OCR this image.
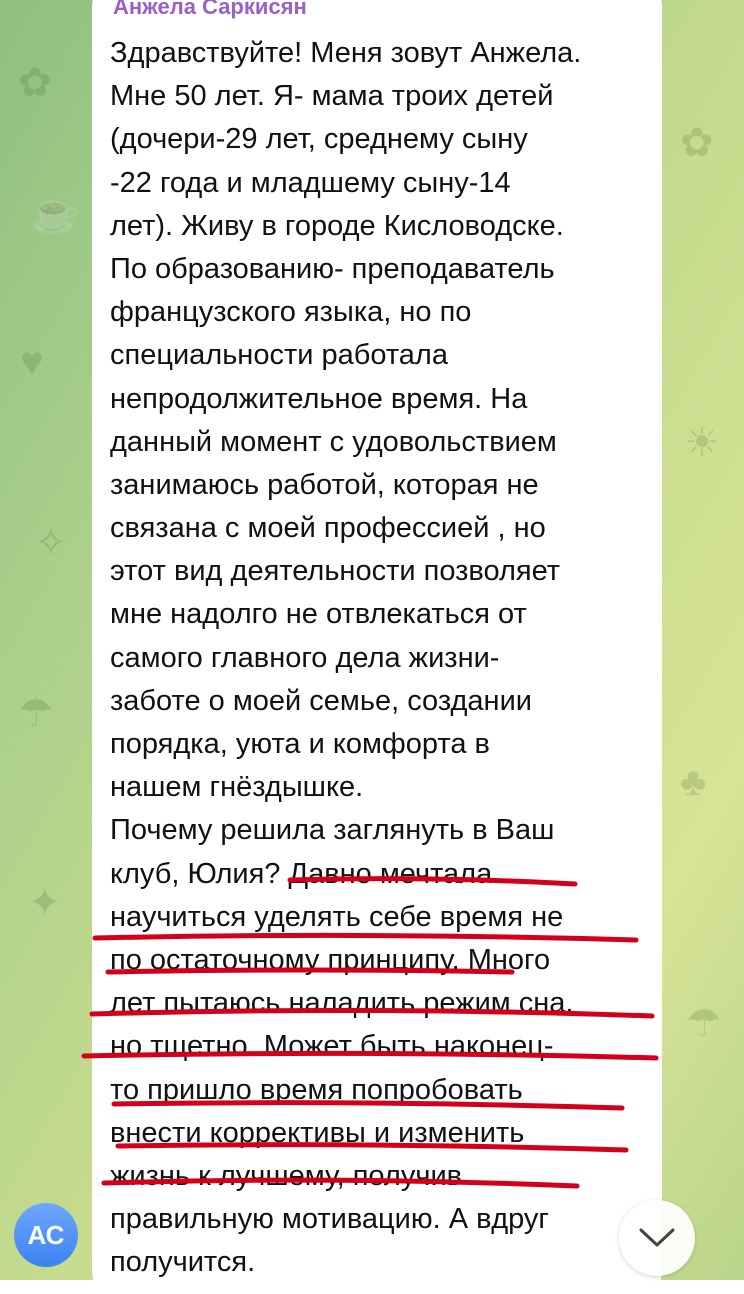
✿
☕
♥
✧
☂
✦
✿
☀
♣
☂
Анжела Саркисян
Здравствуйте! Меня зовут Анжела.
Мне 50 лет. Я- мама троих детей
(дочери-29 лет, среднему сыну
-22 года и младшему сыну-14
лет). Живу в городе Кисловодске.
По образованию- преподаватель
французского языка, но по
специальности работала
непродолжительное время. На
данный момент с удовольствием
занимаюсь работой, которая не
связана с моей профессией , но
этот вид деятельности позволяет
мне надолго не отвлекаться от
самого главного дела жизни-
заботе о моей семье, создании
порядка, уюта и комфорта в
нашем гнёздышке.
Почему решила заглянуть в Ваш
клуб, Юлия? Давно мечтала
научиться уделять себе время не
по остаточному принципу. Много
лет пытаюсь наладить режим сна,
но тщетно. Может быть наконец-
то пришло время попробовать
внести коррективы и изменить
жизнь к лучшему, получив
правильную мотивацию. А вдруг
получится.
АС
